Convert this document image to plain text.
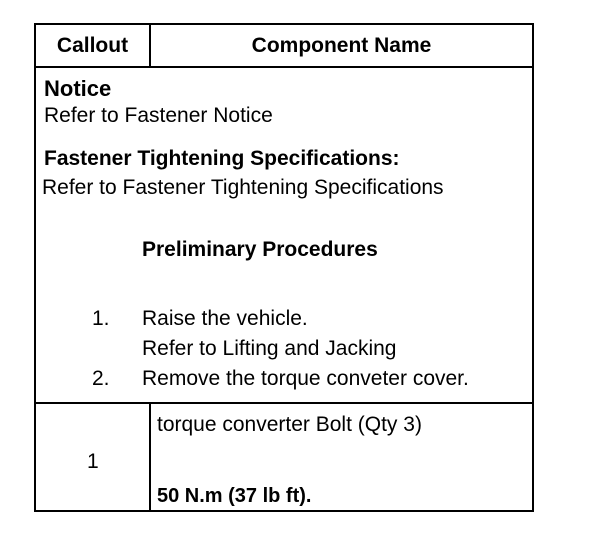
Callout	Component Name
Notice
Refer to Fastener Notice
Fastener Tightening Specifications:
Refer to Fastener Tightening Specifications
Preliminary Procedures
1. Raise the vehicle.
Refer to Lifting and Jacking
2. Remove the torque conveter cover.
1
torque converter Bolt (Qty 3)
50 N.m (37 lb ft).
